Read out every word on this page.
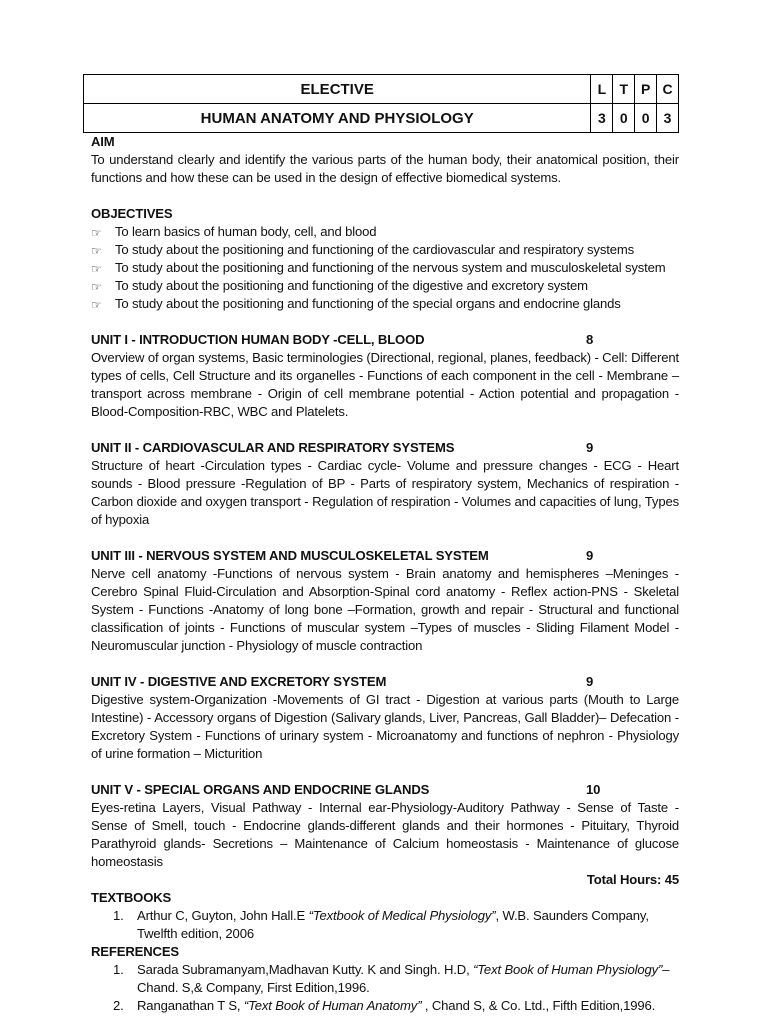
ELECTIVE	L	T	P	C
HUMAN ANATOMY AND PHYSIOLOGY	3	0	0	3
AIM
To understand clearly and identify the various parts of the human body, their anatomical position, their functions and how these can be used in the design of effective biomedical systems.
OBJECTIVES
☞ To learn basics of human body, cell, and blood
☞ To study about the positioning and functioning of the cardiovascular and respiratory systems
☞ To study about the positioning and functioning of the nervous system and musculoskeletal system
☞ To study about the positioning and functioning of the digestive and excretory system
☞ To study about the positioning and functioning of the special organs and endocrine glands
UNIT I - INTRODUCTION HUMAN BODY -CELL, BLOOD	8
Overview of organ systems, Basic terminologies (Directional, regional, planes, feedback) - Cell: Different types of cells, Cell Structure and its organelles - Functions of each component in the cell - Membrane – transport across membrane - Origin of cell membrane potential - Action potential and propagation - Blood-Composition-RBC, WBC and Platelets.
UNIT II - CARDIOVASCULAR AND RESPIRATORY SYSTEMS	9
Structure of heart -Circulation types - Cardiac cycle- Volume and pressure changes - ECG - Heart sounds - Blood pressure -Regulation of BP - Parts of respiratory system, Mechanics of respiration - Carbon dioxide and oxygen transport - Regulation of respiration - Volumes and capacities of lung, Types of hypoxia
UNIT III - NERVOUS SYSTEM AND MUSCULOSKELETAL SYSTEM	9
Nerve cell anatomy -Functions of nervous system - Brain anatomy and hemispheres –Meninges - Cerebro Spinal Fluid-Circulation and Absorption-Spinal cord anatomy - Reflex action-PNS - Skeletal System - Functions -Anatomy of long bone –Formation, growth and repair - Structural and functional classification of joints - Functions of muscular system –Types of muscles - Sliding Filament Model - Neuromuscular junction - Physiology of muscle contraction
UNIT IV - DIGESTIVE AND EXCRETORY SYSTEM	9
Digestive system-Organization -Movements of GI tract - Digestion at various parts (Mouth to Large Intestine) - Accessory organs of Digestion (Salivary glands, Liver, Pancreas, Gall Bladder)– Defecation - Excretory System - Functions of urinary system - Microanatomy and functions of nephron - Physiology of urine formation – Micturition
UNIT V - SPECIAL ORGANS AND ENDOCRINE GLANDS	10
Eyes-retina Layers, Visual Pathway - Internal ear-Physiology-Auditory Pathway - Sense of Taste - Sense of Smell, touch - Endocrine glands-different glands and their hormones - Pituitary, Thyroid Parathyroid glands- Secretions – Maintenance of Calcium homeostasis - Maintenance of glucose homeostasis
Total Hours: 45
TEXTBOOKS
1. Arthur C, Guyton, John Hall.E “Textbook of Medical Physiology”, W.B. Saunders Company, Twelfth edition, 2006
REFERENCES
1. Sarada Subramanyam,Madhavan Kutty. K and Singh. H.D, “Text Book of Human Physiology”– Chand. S,& Company, First Edition,1996.
2. Ranganathan T S, “Text Book of Human Anatomy” , Chand S, & Co. Ltd., Fifth Edition,1996.
